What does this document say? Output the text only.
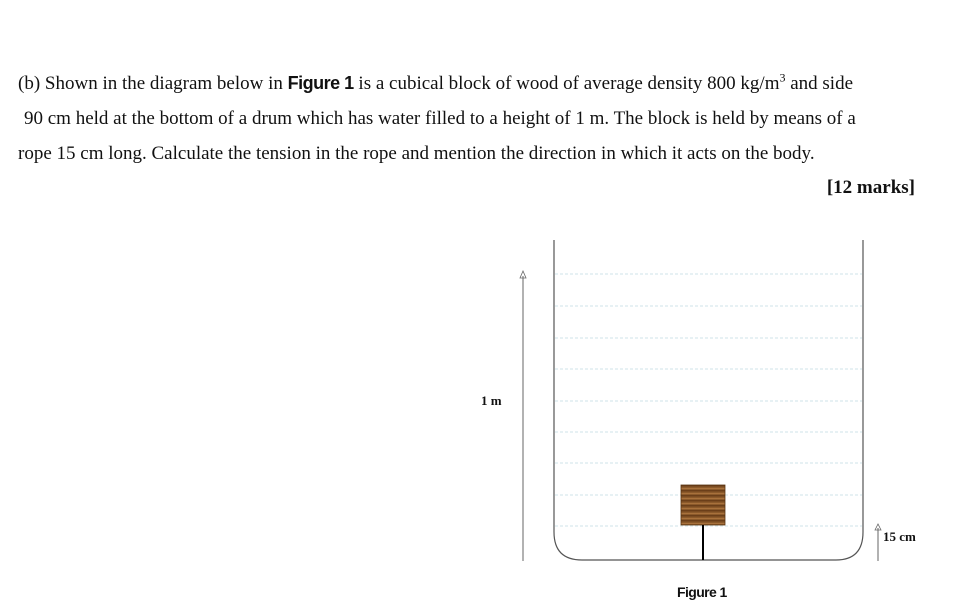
(b) Shown in the diagram below in Figure 1 is a cubical block of wood of average density 800 $kg/m^3$ and side
90 cm held at the bottom of a drum which has water filled to a height of 1 m. The block is held by means of a
rope 15 cm long. Calculate the tension in the rope and mention the direction in which it acts on the body.
[12 marks]
1 m
15 cm
Figure 1
